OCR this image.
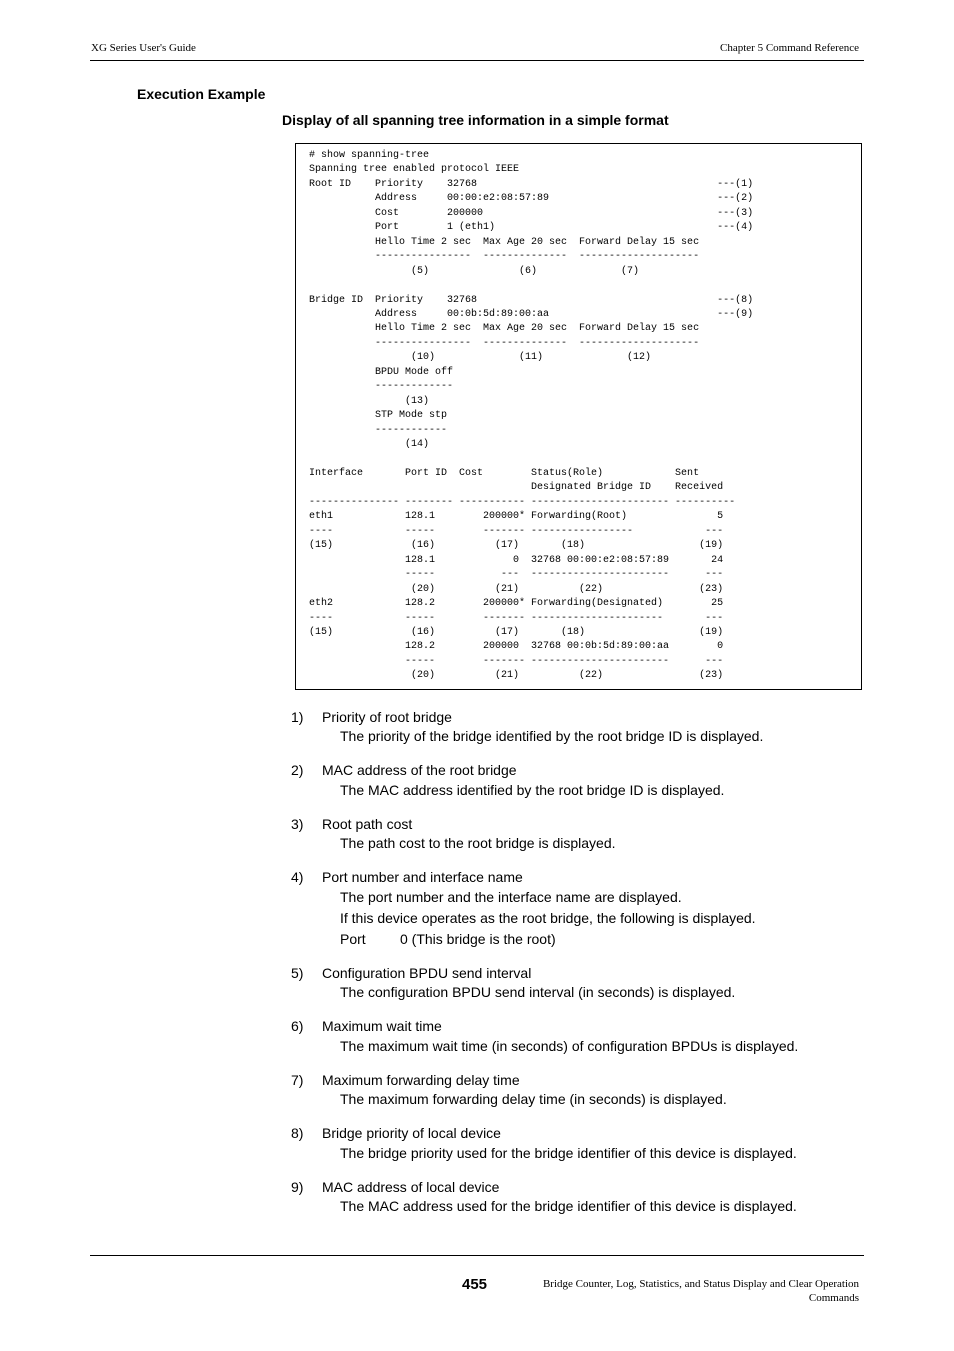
XG Series User's Guide	Chapter 5 Command Reference
Execution Example
Display of all spanning tree information in a simple format
# show spanning-tree
Spanning tree enabled protocol IEEE
Root ID    Priority    32768                                        ---(1)
Address     00:00:e2:08:57:89                            ---(2)
Cost        200000                                       ---(3)
Port        1 (eth1)                                     ---(4)
Hello Time 2 sec  Max Age 20 sec  Forward Delay 15 sec
----------------  --------------  --------------------
(5)               (6)              (7)

Bridge ID  Priority    32768                                        ---(8)
Address     00:0b:5d:89:00:aa                            ---(9)
Hello Time 2 sec  Max Age 20 sec  Forward Delay 15 sec
----------------  --------------  --------------------
(10)              (11)              (12)
BPDU Mode off
-------------
(13)
STP Mode stp
------------
(14)

Interface       Port ID  Cost        Status(Role)            Sent
Designated Bridge ID    Received
--------------- -------- ----------- ----------------------- ----------
eth1            128.1        200000* Forwarding(Root)               5
----            -----        ------- -----------------            ---
(15)             (16)          (17)       (18)                   (19)
128.1             0  32768 00:00:e2:08:57:89       24
-----           ---  -----------------------      ---
(20)          (21)          (22)                (23)
eth2            128.2        200000* Forwarding(Designated)        25
----            -----        ------- ----------------------       ---
(15)             (16)          (17)       (18)                   (19)
128.2        200000  32768 00:0b:5d:89:00:aa        0
-----        ------- -----------------------      ---
(20)          (21)          (22)                (23)
1)	Priority of root bridge
The priority of the bridge identified by the root bridge ID is displayed.
2)	MAC address of the root bridge
The MAC address identified by the root bridge ID is displayed.
3)	Root path cost
The path cost to the root bridge is displayed.
4)	Port number and interface name
The port number and the interface name are displayed.
If this device operates as the root bridge, the following is displayed.
Port	0 (This bridge is the root)
5)	Configuration BPDU send interval
The configuration BPDU send interval (in seconds) is displayed.
6)	Maximum wait time
The maximum wait time (in seconds) of configuration BPDUs is displayed.
7)	Maximum forwarding delay time
The maximum forwarding delay time (in seconds) is displayed.
8)	Bridge priority of local device
The bridge priority used for the bridge identifier of this device is displayed.
9)	MAC address of local device
The MAC address used for the bridge identifier of this device is displayed.
455	Bridge Counter, Log, Statistics, and Status Display and Clear Operation
Commands
